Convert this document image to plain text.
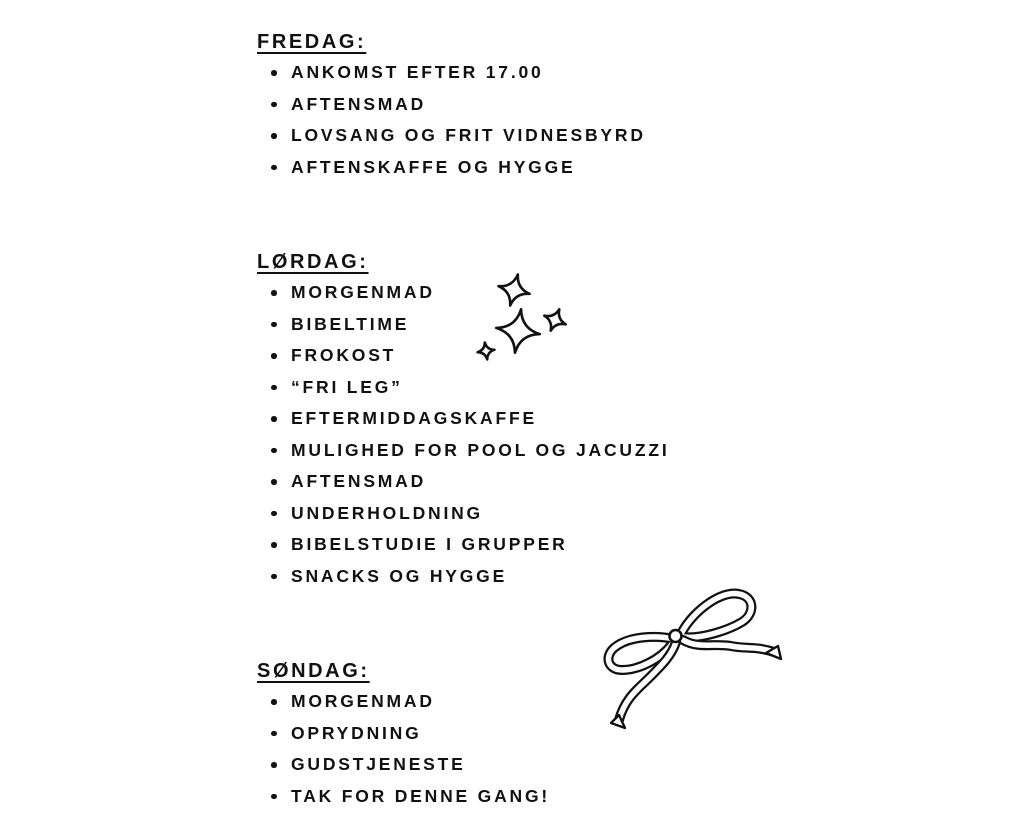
FREDAG:
ANKOMST EFTER 17.00
AFTENSMAD
LOVSANG OG FRIT VIDNESBYRD
AFTENSKAFFE OG HYGGE
LØRDAG:
MORGENMAD
BIBELTIME
FROKOST
“FRI LEG”
EFTERMIDDAGSKAFFE
MULIGHED FOR POOL OG JACUZZI
AFTENSMAD
UNDERHOLDNING
BIBELSTUDIE I GRUPPER
SNACKS OG HYGGE
SØNDAG:
MORGENMAD
OPRYDNING
GUDSTJENESTE
TAK FOR DENNE GANG!
